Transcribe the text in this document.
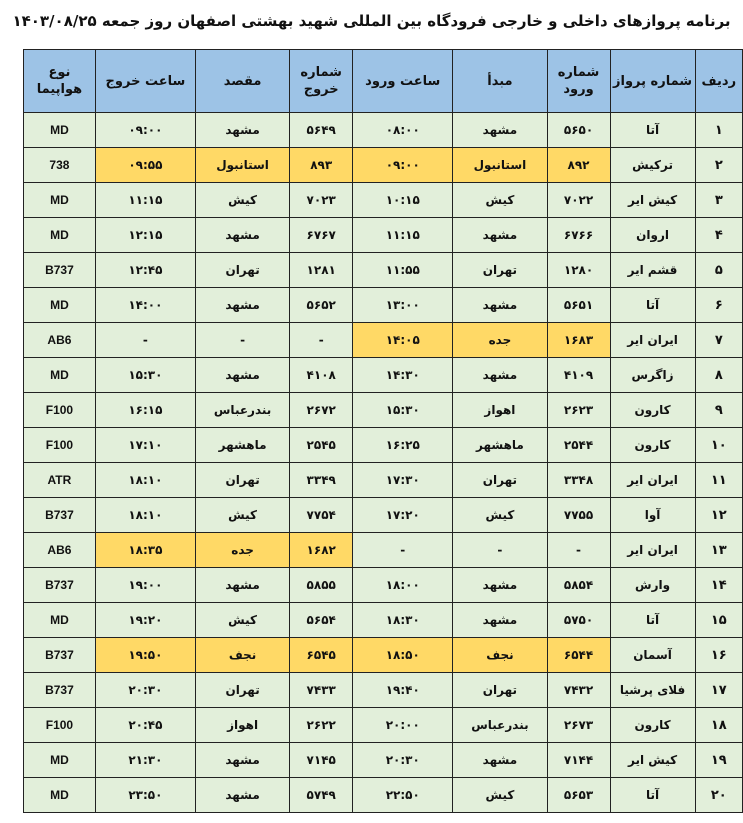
برنامه پروازهای داخلی و خارجی فرودگاه بین المللی شهید بهشتی اصفهان روز جمعه ۱۴۰۳/۰۸/۲۵
ردیف	شماره پرواز	شماره ورود	مبدأ	ساعت ورود	شماره خروج	مقصد	ساعت خروج	نوع هواپیما
۱	آتا	۵۶۵۰	مشهد	۰۸:۰۰	۵۶۴۹	مشهد	۰۹:۰۰	MD
۲	ترکیش	۸۹۲	استانبول	۰۹:۰۰	۸۹۳	استانبول	۰۹:۵۵	738
۳	کیش ایر	۷۰۲۲	کیش	۱۰:۱۵	۷۰۲۳	کیش	۱۱:۱۵	MD
۴	اروان	۶۷۶۶	مشهد	۱۱:۱۵	۶۷۶۷	مشهد	۱۲:۱۵	MD
۵	قشم ایر	۱۲۸۰	تهران	۱۱:۵۵	۱۲۸۱	تهران	۱۲:۴۵	B737
۶	آتا	۵۶۵۱	مشهد	۱۳:۰۰	۵۶۵۲	مشهد	۱۴:۰۰	MD
۷	ایران ایر	۱۶۸۳	جده	۱۴:۰۵	-	-	-	AB6
۸	زاگرس	۴۱۰۹	مشهد	۱۴:۳۰	۴۱۰۸	مشهد	۱۵:۳۰	MD
۹	کارون	۲۶۲۳	اهواز	۱۵:۳۰	۲۶۷۲	بندرعباس	۱۶:۱۵	F100
۱۰	کارون	۲۵۴۴	ماهشهر	۱۶:۲۵	۲۵۴۵	ماهشهر	۱۷:۱۰	F100
۱۱	ایران ایر	۳۳۴۸	تهران	۱۷:۳۰	۳۳۴۹	تهران	۱۸:۱۰	ATR
۱۲	آوا	۷۷۵۵	کیش	۱۷:۲۰	۷۷۵۴	کیش	۱۸:۱۰	B737
۱۳	ایران ایر	-	-	-	۱۶۸۲	جده	۱۸:۳۵	AB6
۱۴	وارش	۵۸۵۴	مشهد	۱۸:۰۰	۵۸۵۵	مشهد	۱۹:۰۰	B737
۱۵	آتا	۵۷۵۰	مشهد	۱۸:۳۰	۵۶۵۴	کیش	۱۹:۲۰	MD
۱۶	آسمان	۶۵۴۴	نجف	۱۸:۵۰	۶۵۴۵	نجف	۱۹:۵۰	B737
۱۷	فلای پرشیا	۷۴۳۲	تهران	۱۹:۴۰	۷۴۳۳	تهران	۲۰:۳۰	B737
۱۸	کارون	۲۶۷۳	بندرعباس	۲۰:۰۰	۲۶۲۲	اهواز	۲۰:۴۵	F100
۱۹	کیش ایر	۷۱۴۴	مشهد	۲۰:۳۰	۷۱۴۵	مشهد	۲۱:۳۰	MD
۲۰	آتا	۵۶۵۳	کیش	۲۲:۵۰	۵۷۴۹	مشهد	۲۳:۵۰	MD
